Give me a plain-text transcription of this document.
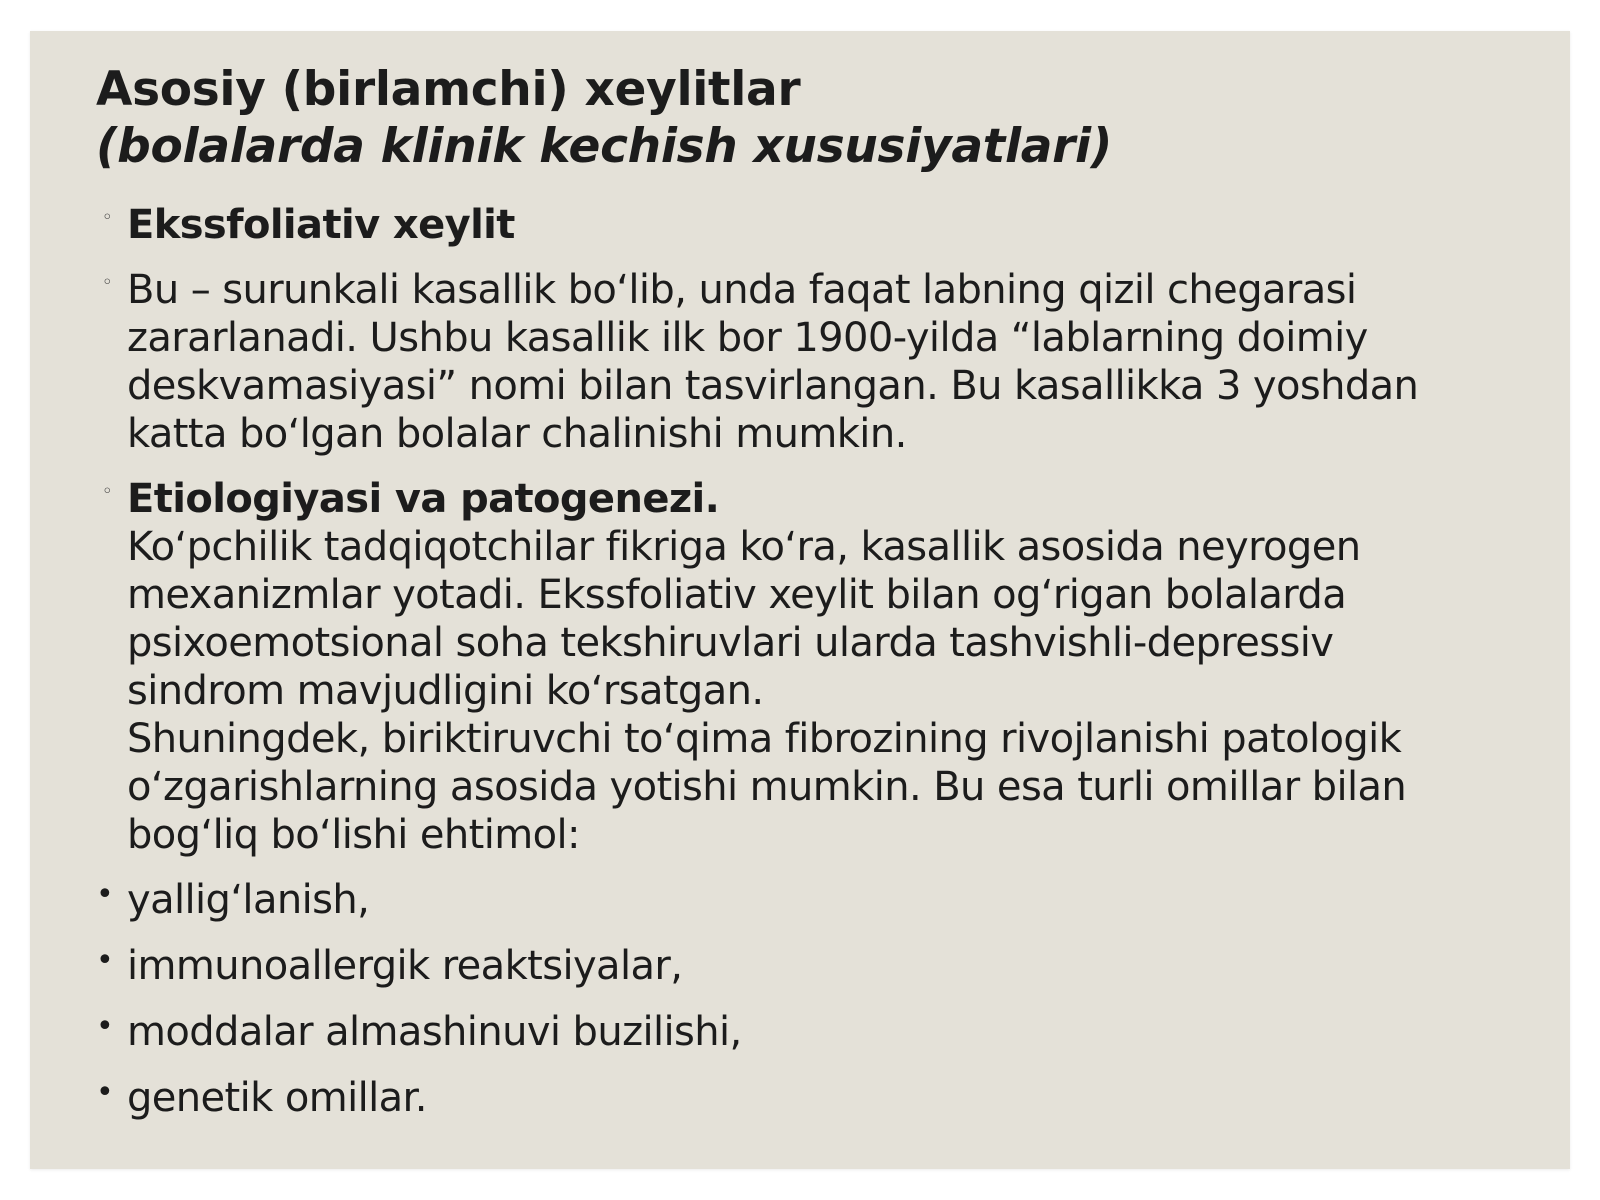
Asosiy (birlamchi) xeylitlar
(bolalarda klinik kechish xususiyatlari)
◦ Ekssfoliativ xeylit
◦ Bu – surunkali kasallik boʻlib, unda faqat labning qizil chegarasi
zararlanadi. Ushbu kasallik ilk bor 1900-yilda “lablarning doimiy
deskvamasiyasi” nomi bilan tasvirlangan. Bu kasallikka 3 yoshdan
katta boʻlgan bolalar chalinishi mumkin.
◦ Etiologiyasi va patogenezi.
Koʻpchilik tadqiqotchilar fikriga koʻra, kasallik asosida neyrogen
mexanizmlar yotadi. Ekssfoliativ xeylit bilan ogʻrigan bolalarda
psixoemotsional soha tekshiruvlari ularda tashvishli-depressiv
sindrom mavjudligini koʻrsatgan.
Shuningdek, biriktiruvchi toʻqima fibrozining rivojlanishi patologik
oʻzgarishlarning asosida yotishi mumkin. Bu esa turli omillar bilan
bogʻliq boʻlishi ehtimol:
• yalligʻlanish,
• immunoallergik reaktsiyalar,
• moddalar almashinuvi buzilishi,
• genetik omillar.
